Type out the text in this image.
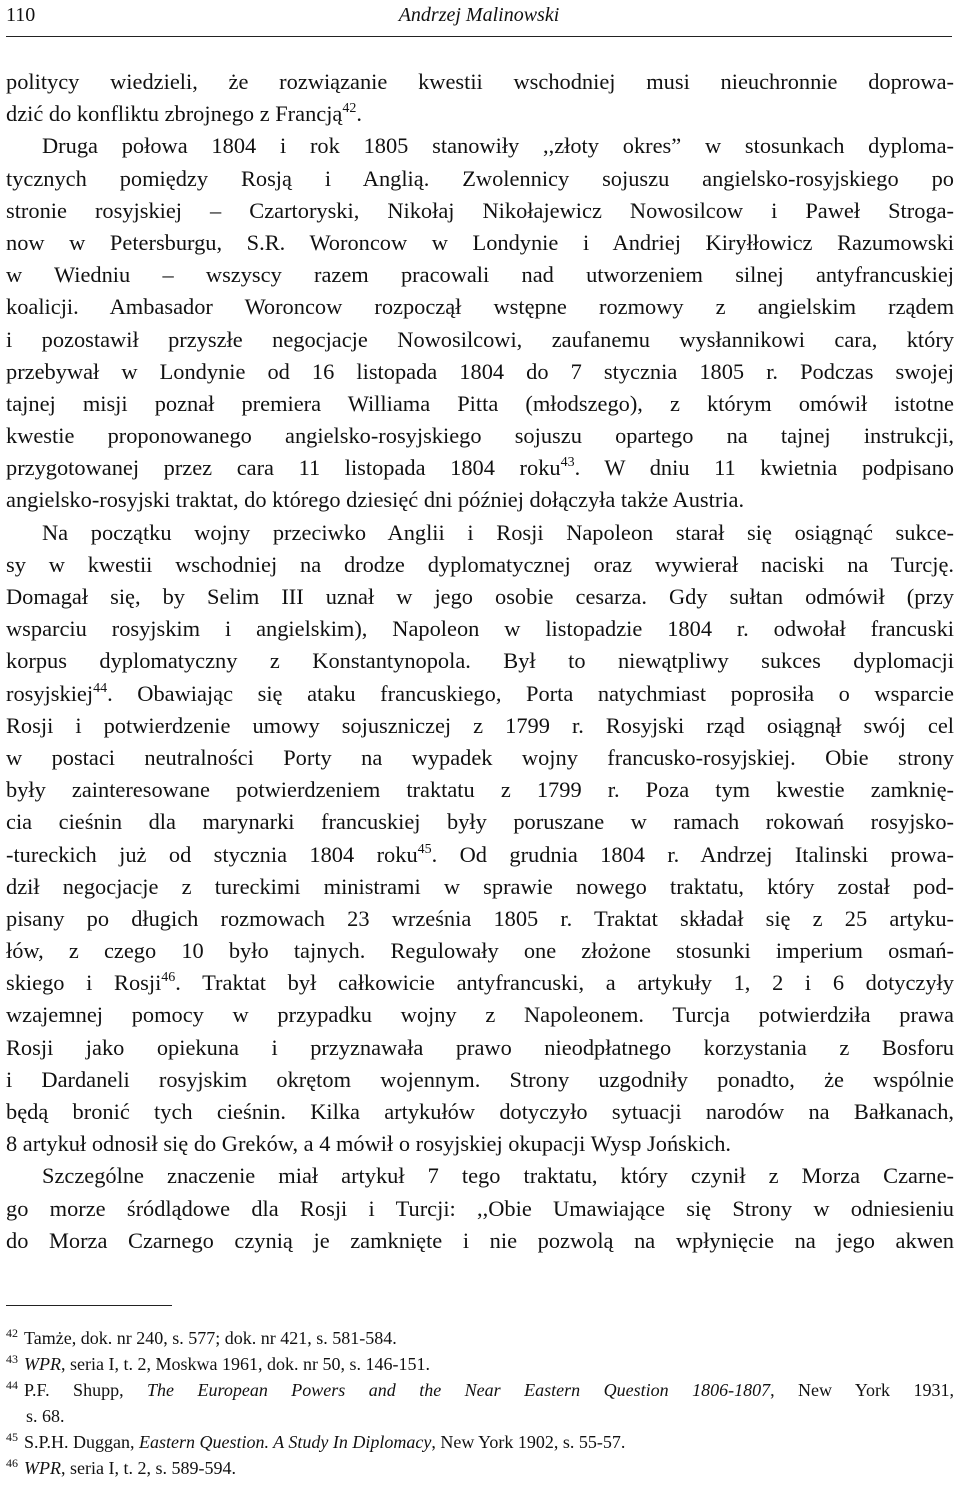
110	Andrzej Malinowski
politycy wiedzieli, że rozwiązanie kwestii wschodniej musi nieuchronnie doprowa-
dzić do konfliktu zbrojnego z Francją$^{42}$.
Druga połowa 1804 i rok 1805 stanowiły ,,złoty okres” w stosunkach dyploma-
tycznych pomiędzy Rosją i Anglią. Zwolennicy sojuszu angielsko-rosyjskiego po
stronie rosyjskiej – Czartoryski, Nikołaj Nikołajewicz Nowosilcow i Paweł Stroga-
now w Petersburgu, S.R. Woroncow w Londynie i Andriej Kiryłłowicz Razumowski
w Wiedniu – wszyscy razem pracowali nad utworzeniem silnej antyfrancuskiej
koalicji. Ambasador Woroncow rozpoczął wstępne rozmowy z angielskim rządem
i pozostawił przyszłe negocjacje Nowosilcowi, zaufanemu wysłannikowi cara, który
przebywał w Londynie od 16 listopada 1804 do 7 stycznia 1805 r. Podczas swojej
tajnej misji poznał premiera Williama Pitta (młodszego), z którym omówił istotne
kwestie proponowanego angielsko-rosyjskiego sojuszu opartego na tajnej instrukcji,
przygotowanej przez cara 11 listopada 1804 roku$^{43}$. W dniu 11 kwietnia podpisano
angielsko-rosyjski traktat, do którego dziesięć dni później dołączyła także Austria.
Na początku wojny przeciwko Anglii i Rosji Napoleon starał się osiągnąć sukce-
sy w kwestii wschodniej na drodze dyplomatycznej oraz wywierał naciski na Turcję.
Domagał się, by Selim III uznał w jego osobie cesarza. Gdy sułtan odmówił (przy
wsparciu rosyjskim i angielskim), Napoleon w listopadzie 1804 r. odwołał francuski
korpus dyplomatyczny z Konstantynopola. Był to niewątpliwy sukces dyplomacji
rosyjskiej$^{44}$. Obawiając się ataku francuskiego, Porta natychmiast poprosiła o wsparcie
Rosji i potwierdzenie umowy sojuszniczej z 1799 r. Rosyjski rząd osiągnął swój cel
w postaci neutralności Porty na wypadek wojny francusko-rosyjskiej. Obie strony
były zainteresowane potwierdzeniem traktatu z 1799 r. Poza tym kwestie zamknię-
cia cieśnin dla marynarki francuskiej były poruszane w ramach rokowań rosyjsko-
-tureckich już od stycznia 1804 roku$^{45}$. Od grudnia 1804 r. Andrzej Italinski prowa-
dził negocjacje z tureckimi ministrami w sprawie nowego traktatu, który został pod-
pisany po długich rozmowach 23 września 1805 r. Traktat składał się z 25 artyku-
łów, z czego 10 było tajnych. Regulowały one złożone stosunki imperium osmań-
skiego i Rosji$^{46}$. Traktat był całkowicie antyfrancuski, a artykuły 1, 2 i 6 dotyczyły
wzajemnej pomocy w przypadku wojny z Napoleonem. Turcja potwierdziła prawa
Rosji jako opiekuna i przyznawała prawo nieodpłatnego korzystania z Bosforu
i Dardaneli rosyjskim okrętom wojennym. Strony uzgodniły ponadto, że wspólnie
będą bronić tych cieśnin. Kilka artykułów dotyczyło sytuacji narodów na Bałkanach,
8 artykuł odnosił się do Greków, a 4 mówił o rosyjskiej okupacji Wysp Jońskich.
Szczególne znaczenie miał artykuł 7 tego traktatu, który czynił z Morza Czarne-
go morze śródlądowe dla Rosji i Turcji: ,,Obie Umawiające się Strony w odniesieniu
do Morza Czarnego czynią je zamknięte i nie pozwolą na wpłynięcie na jego akwen
$^{42}$ Tamże, dok. nr 240, s. 577; dok. nr 421, s. 581-584.
$^{43}$ WPR, seria I, t. 2, Moskwa 1961, dok. nr 50, s. 146-151.
$^{44}$ P.F. Shupp, The European Powers and the Near Eastern Question 1806-1807, New York 1931,
s. 68.
$^{45}$ S.P.H. Duggan, Eastern Question. A Study In Diplomacy, New York 1902, s. 55-57.
$^{46}$ WPR, seria I, t. 2, s. 589-594.
